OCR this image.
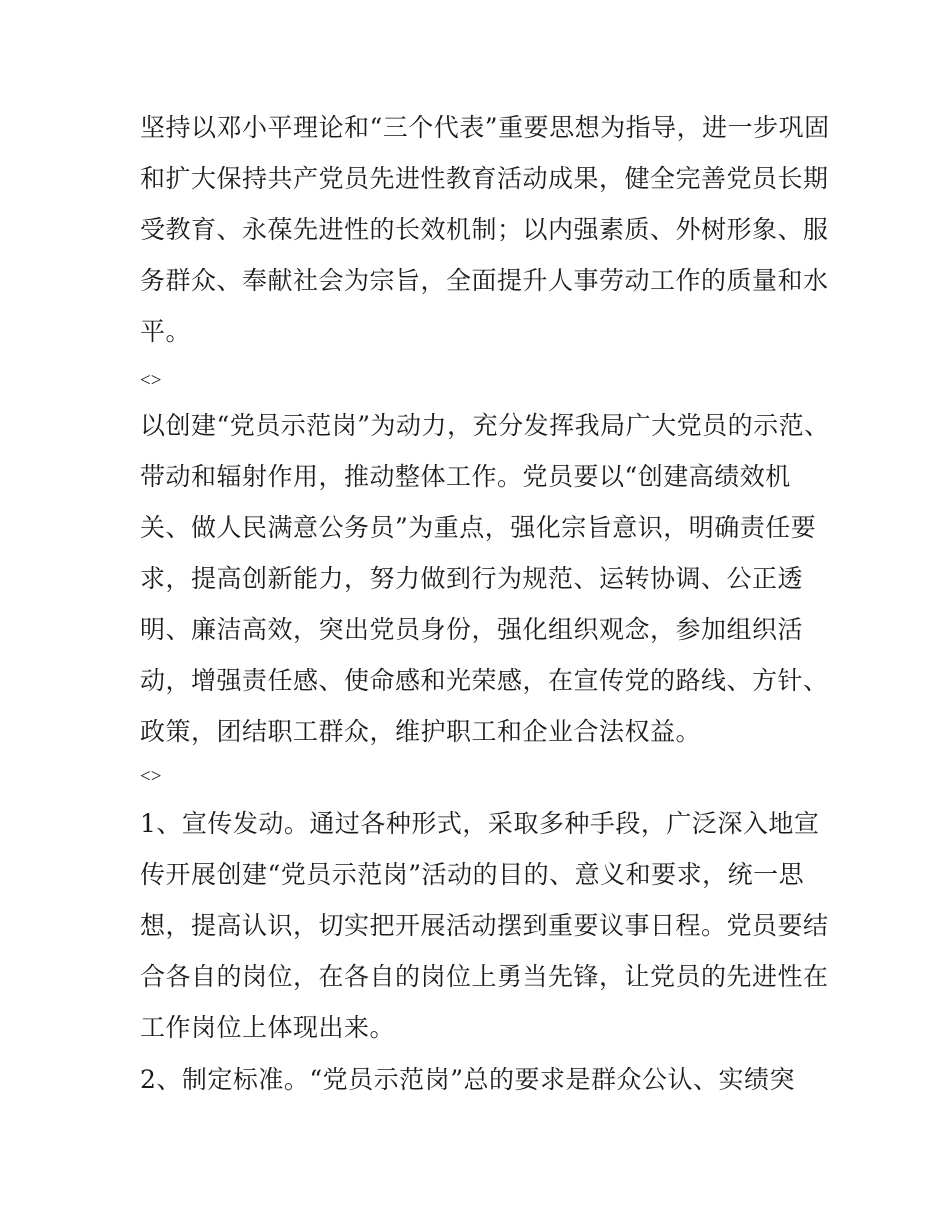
坚持以邓小平理论和“三个代表”重要思想为指导，进一步巩固
和扩大保持共产党员先进性教育活动成果，健全完善党员长期
受教育、永葆先进性的长效机制；以内强素质、外树形象、服
务群众、奉献社会为宗旨，全面提升人事劳动工作的质量和水
平。
<>
以创建“党员示范岗”为动力，充分发挥我局广大党员的示范、
带动和辐射作用，推动整体工作。党员要以“创建高绩效机
关、做人民满意公务员”为重点，强化宗旨意识，明确责任要
求，提高创新能力，努力做到行为规范、运转协调、公正透
明、廉洁高效，突出党员身份，强化组织观念，参加组织活
动，增强责任感、使命感和光荣感，在宣传党的路线、方针、
政策，团结职工群众，维护职工和企业合法权益。
<>
1、宣传发动。通过各种形式，采取多种手段，广泛深入地宣
传开展创建“党员示范岗”活动的目的、意义和要求，统一思
想，提高认识，切实把开展活动摆到重要议事日程。党员要结
合各自的岗位，在各自的岗位上勇当先锋，让党员的先进性在
工作岗位上体现出来。
2、制定标准。“党员示范岗”总的要求是群众公认、实绩突
